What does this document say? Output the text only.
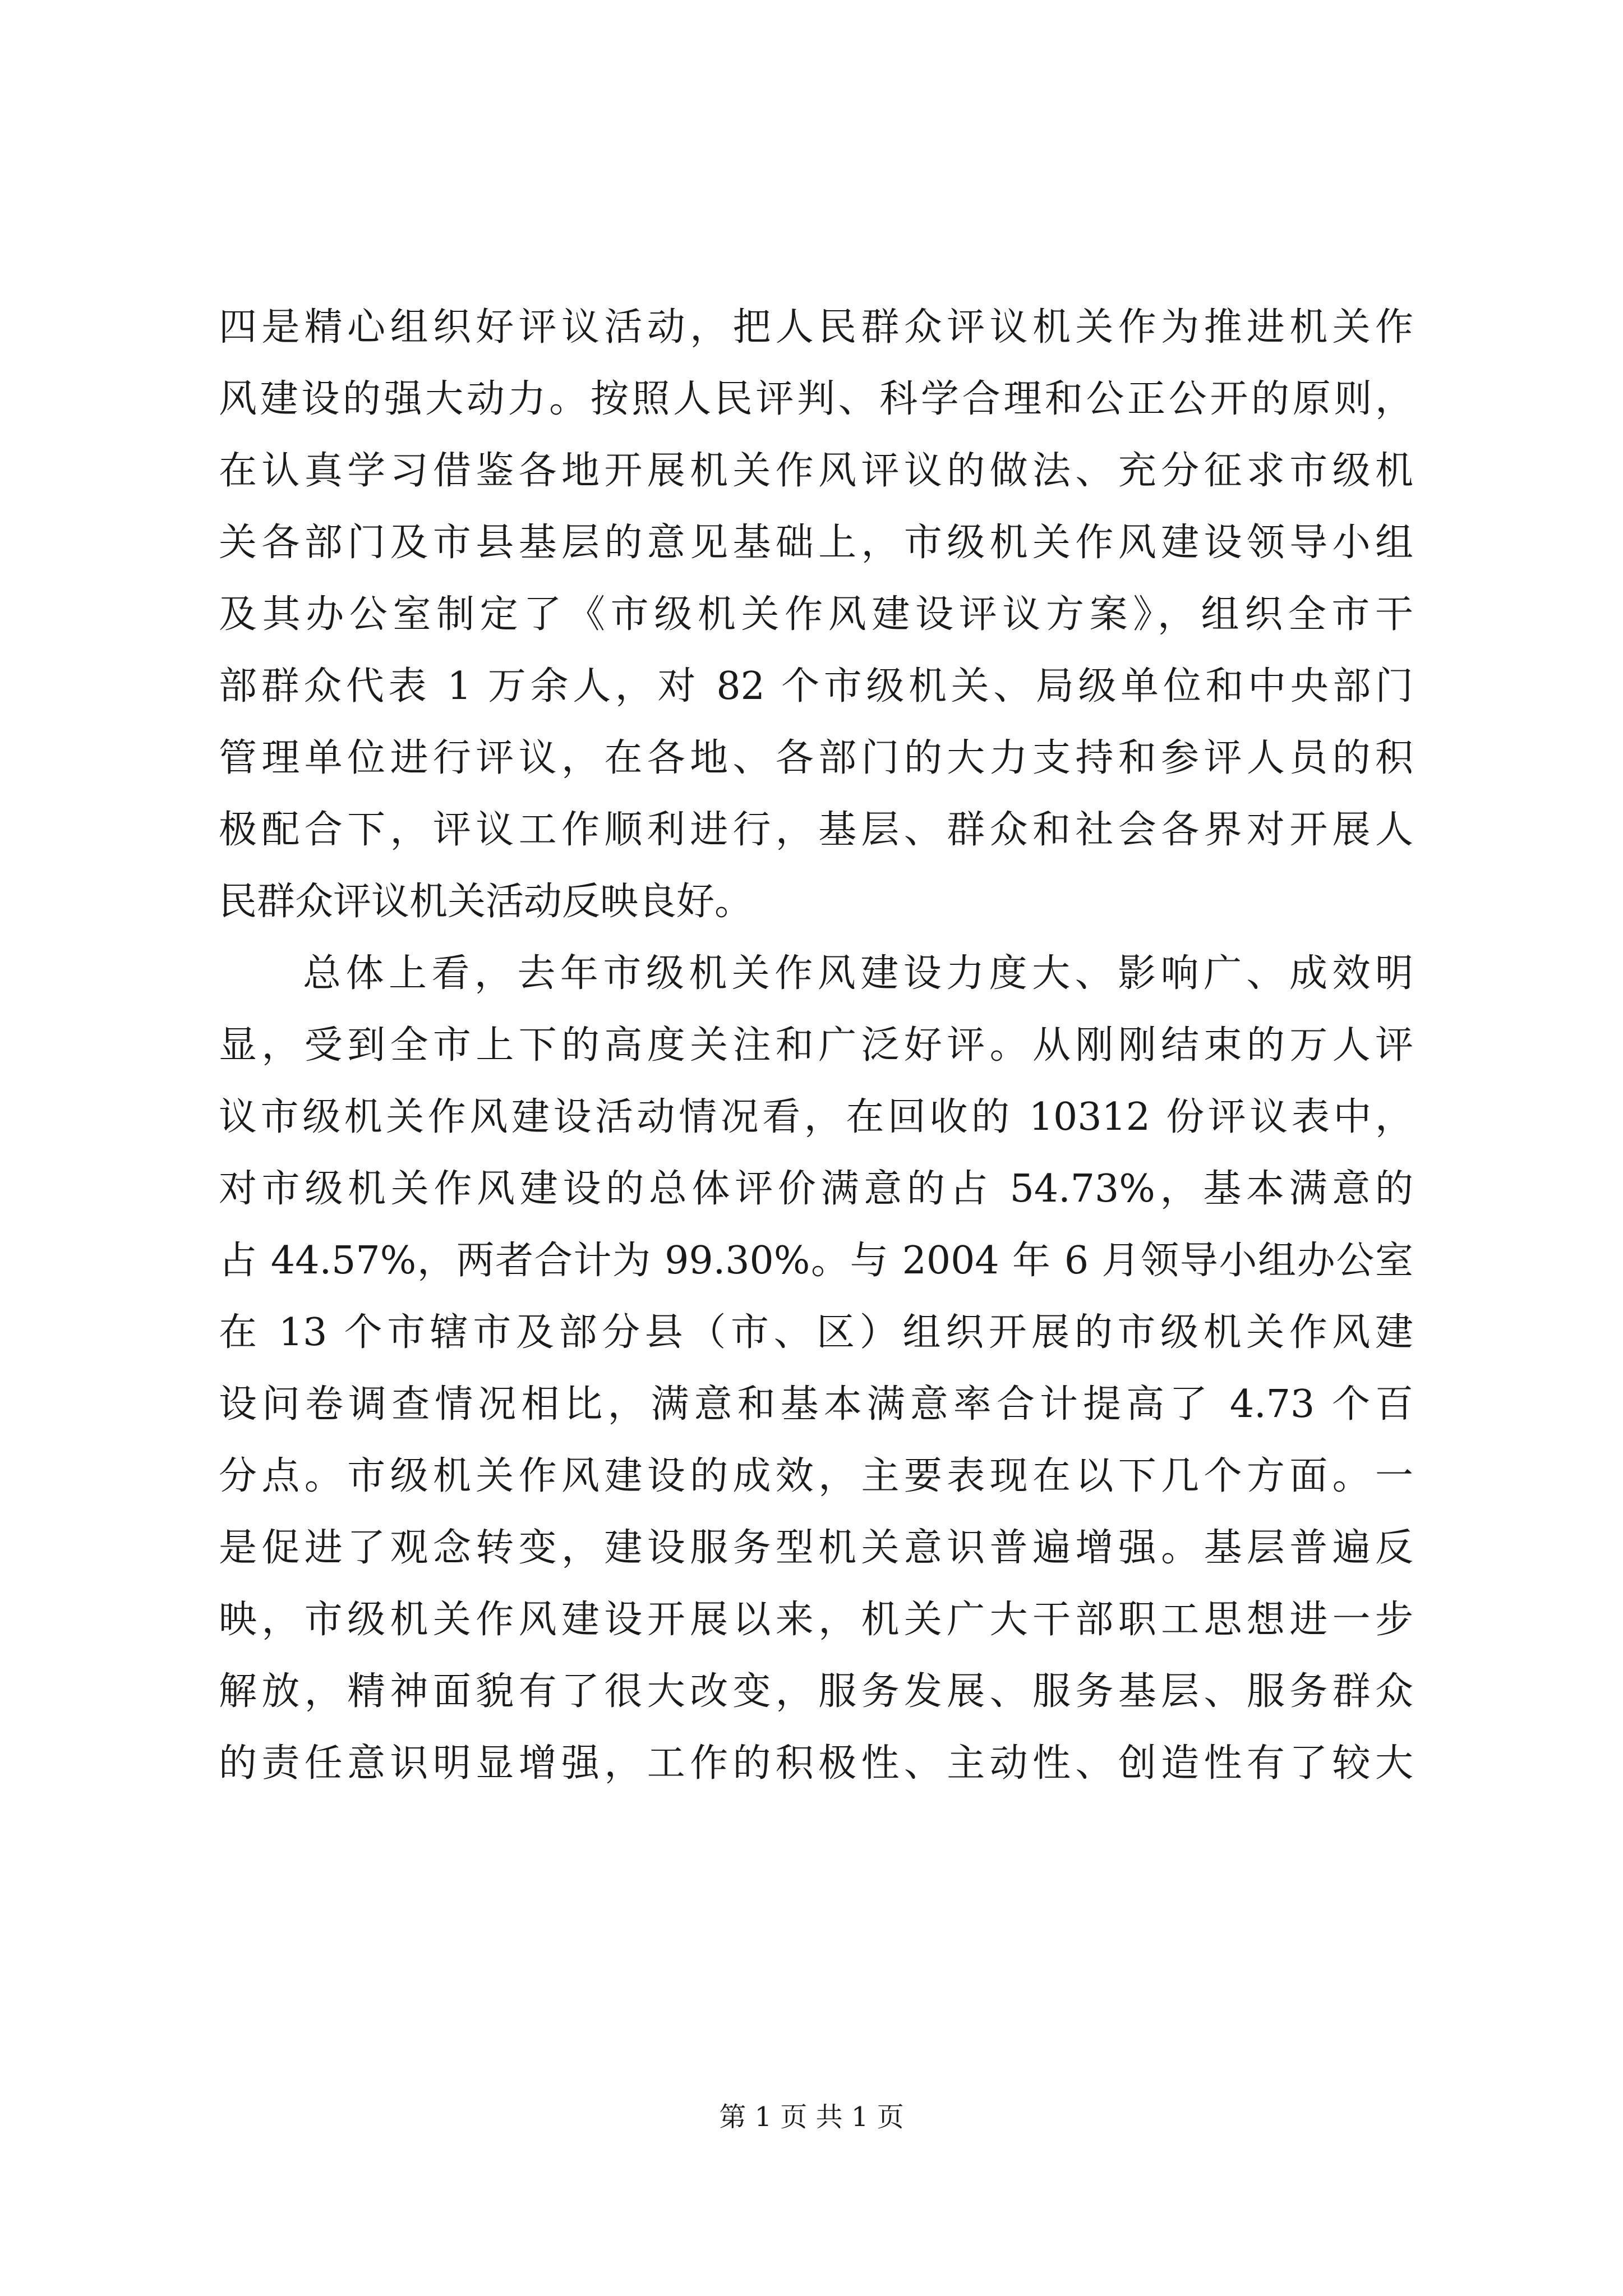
四是精心组织好评议活动，把人民群众评议机关作为推进机关作
风建设的强大动力。按照人民评判、科学合理和公正公开的原则，
在认真学习借鉴各地开展机关作风评议的做法、充分征求市级机
关各部门及市县基层的意见基础上，市级机关作风建设领导小组
及其办公室制定了《市级机关作风建设评议方案》，组织全市干
部群众代表 1 万余人，对 82 个市级机关、局级单位和中央部门
管理单位进行评议，在各地、各部门的大力支持和参评人员的积
极配合下，评议工作顺利进行，基层、群众和社会各界对开展人
民群众评议机关活动反映良好。
总体上看，去年市级机关作风建设力度大、影响广、成效明
显，受到全市上下的高度关注和广泛好评。从刚刚结束的万人评
议市级机关作风建设活动情况看，在回收的 10312 份评议表中，
对市级机关作风建设的总体评价满意的占 54.73%，基本满意的
占 44.57%，两者合计为 99.30%。与 2004 年 6 月领导小组办公室
在 13 个市辖市及部分县（市、区）组织开展的市级机关作风建
设问卷调查情况相比，满意和基本满意率合计提高了 4.73 个百
分点。市级机关作风建设的成效，主要表现在以下几个方面。一
是促进了观念转变，建设服务型机关意识普遍增强。基层普遍反
映，市级机关作风建设开展以来，机关广大干部职工思想进一步
解放，精神面貌有了很大改变，服务发展、服务基层、服务群众
的责任意识明显增强，工作的积极性、主动性、创造性有了较大
第 1 页 共 1 页
